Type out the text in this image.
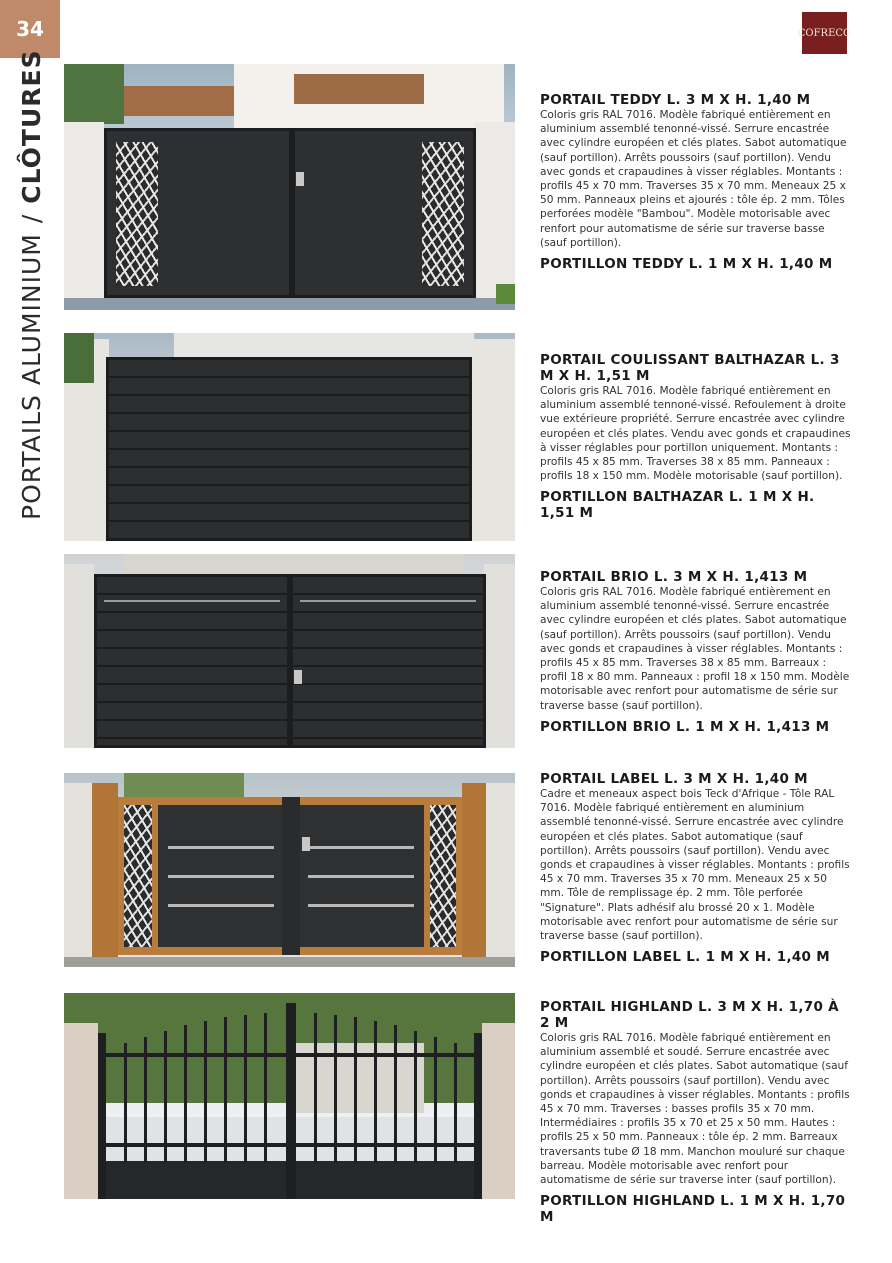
34	COFRECO
PORTAILS ALUMINIUM/CLÔTURES	PORTAIL TEDDY L. 3 M X H. 1,40 M
Coloris gris RAL 7016. Modèle fabriqué entièrement en aluminium assemblé tenonné-vissé. Serrure encastrée avec cylindre européen et clés plates. Sabot automatique (sauf portillon). Arrêts poussoirs (sauf portillon). Vendu avec gonds et crapaudines à visser réglables. Montants : profils 45 x 70 mm. Traverses 35 x 70 mm. Meneaux 25 x 50 mm. Panneaux pleins et ajourés : tôle ép. 2 mm. Tôles perforées modèle "Bambou". Modèle motorisable avec renfort pour automatisme de série sur traverse basse (sauf portillon).
PORTILLON TEDDY L. 1 M X H. 1,40 M
PORTAIL COULISSANT BALTHAZAR L. 3 M X H. 1,51 M
Coloris gris RAL 7016. Modèle fabriqué entièrement en aluminium assemblé tennoné-vissé. Refoulement à droite vue extérieure propriété. Serrure encastrée avec cylindre européen et clés plates. Vendu avec gonds et crapaudines à visser réglables pour portillon uniquement. Montants : profils 45 x 85 mm. Traverses 38 x 85 mm. Panneaux : profils 18 x 150 mm. Modèle motorisable (sauf portillon).
PORTILLON BALTHAZAR L. 1 M X H. 1,51 M
PORTAIL BRIO L. 3 M X H. 1,413 M
Coloris gris RAL 7016. Modèle fabriqué entièrement en aluminium assemblé tenonné-vissé. Serrure encastrée avec cylindre européen et clés plates. Sabot automatique (sauf portillon). Arrêts poussoirs (sauf portillon). Vendu avec gonds et crapaudines à visser réglables. Montants : profils 45 x 85 mm. Traverses 38 x 85 mm. Barreaux : profil 18 x 80 mm. Panneaux : profil 18 x 150 mm. Modèle motorisable avec renfort pour automatisme de série sur traverse basse (sauf portillon).
PORTILLON BRIO L. 1 M X H. 1,413 M
PORTAIL LABEL L. 3 M X H. 1,40 M
Cadre et meneaux aspect bois Teck d'Afrique - Tôle RAL 7016. Modèle fabriqué entièrement en aluminium assemblé tenonné-vissé. Serrure encastrée avec cylindre européen et clés plates. Sabot automatique (sauf portillon). Arrêts poussoirs (sauf portillon). Vendu avec gonds et crapaudines à visser réglables. Montants : profils 45 x 70 mm. Traverses 35 x 70 mm. Meneaux 25 x 50 mm. Tôle de remplissage ép. 2 mm. Tôle perforée "Signature". Plats adhésif alu brossé 20 x 1. Modèle motorisable avec renfort pour automatisme de série sur traverse basse (sauf portillon).
PORTILLON LABEL L. 1 M X H. 1,40 M
PORTAIL HIGHLAND L. 3 M X H. 1,70 À 2 M
Coloris gris RAL 7016. Modèle fabriqué entièrement en aluminium assemblé et soudé. Serrure encastrée avec cylindre européen et clés plates. Sabot automatique (sauf portillon). Arrêts poussoirs (sauf portillon). Vendu avec gonds et crapaudines à visser réglables. Montants : profils 45 x 70 mm. Traverses : basses profils 35 x 70 mm. Intermédiaires : profils 35 x 70 et 25 x 50 mm. Hautes : profils 25 x 50 mm. Panneaux : tôle ép. 2 mm. Barreaux traversants tube Ø 18 mm. Manchon mouluré sur chaque barreau. Modèle motorisable avec renfort pour automatisme de série sur traverse inter (sauf portillon).
PORTILLON HIGHLAND L. 1 M X H. 1,70 M
